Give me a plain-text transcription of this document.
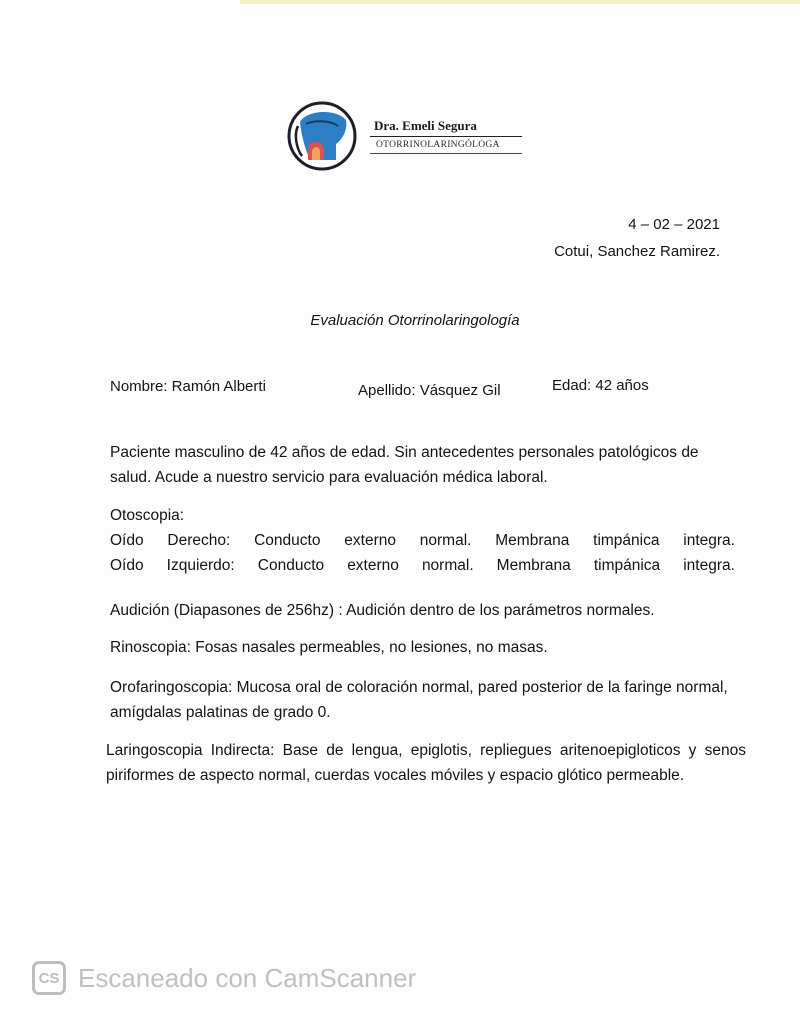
Dra. Emeli Segura
OTORRINOLARINGÓLOGA
4 – 02 – 2021
Cotui, Sanchez Ramirez.
Evaluación Otorrinolaringología
Nombre: Ramón Alberti	Apellido: Vásquez Gil	Edad: 42 años
Paciente masculino de 42 años de edad. Sin antecedentes personales patológicos de salud. Acude a nuestro servicio para evaluación médica laboral.
Otoscopia:
Oído Derecho: Conducto externo normal. Membrana timpánica integra.
Oído Izquierdo: Conducto externo normal. Membrana timpánica integra.
Audición (Diapasones de 256hz) : Audición dentro de los parámetros normales.
Rinoscopia: Fosas nasales permeables, no lesiones, no masas.
Orofaringoscopia: Mucosa oral de coloración normal, pared posterior de la faringe normal, amígdalas palatinas de grado 0.
Laringoscopia Indirecta: Base de lengua, epiglotis, repliegues aritenoepigloticos y senos piriformes de aspecto normal, cuerdas vocales móviles y espacio glótico permeable.
CS Escaneado con CamScanner
